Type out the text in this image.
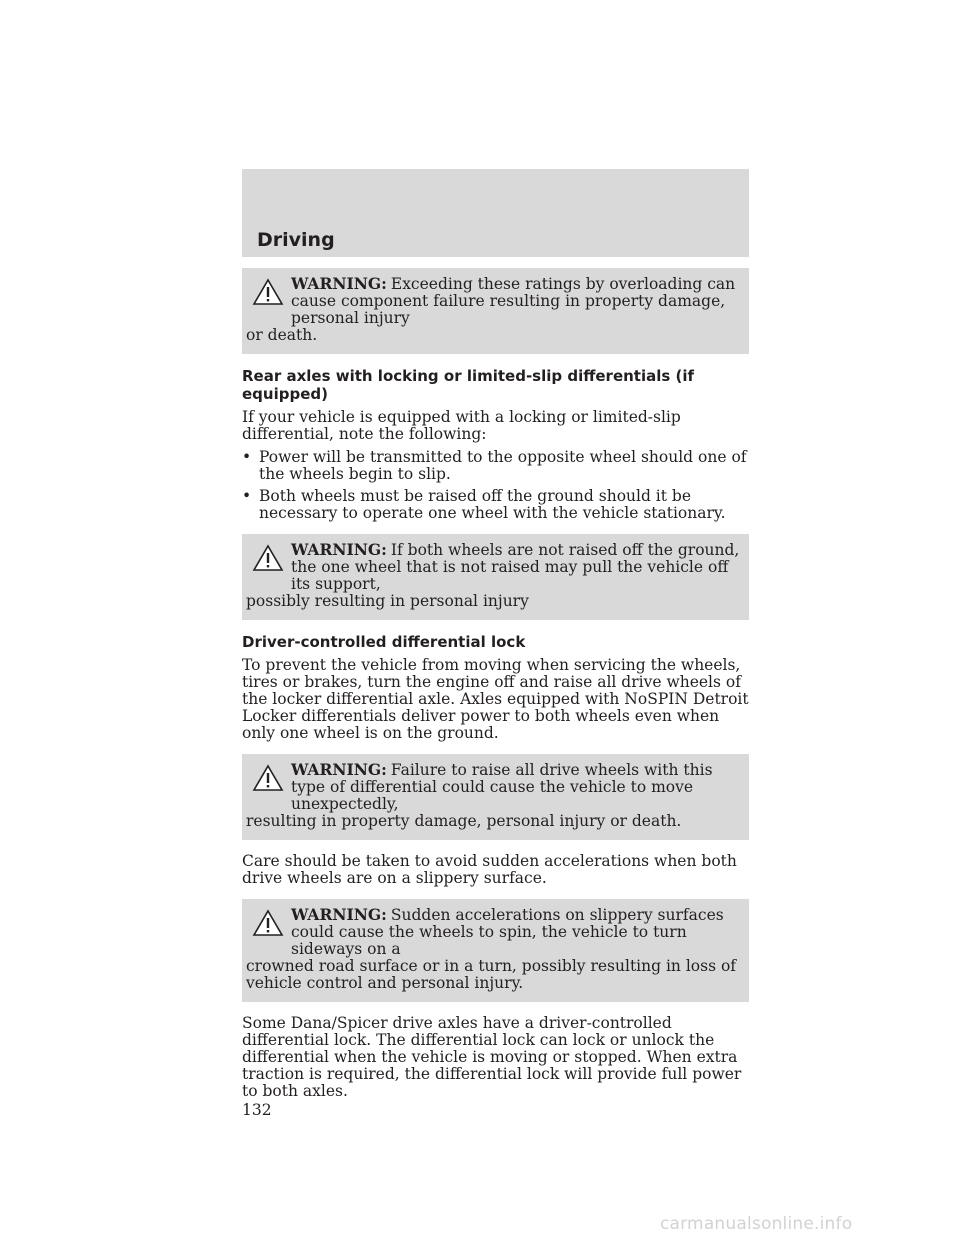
Driving

WARNING: Exceeding these ratings by overloading can cause component failure resulting in property damage, personal injury

or death.

Rear axles with locking or limited-slip differentials (if equipped)

If your vehicle is equipped with a locking or limited-slip differential, note the following:

• Power will be transmitted to the opposite wheel should one of the wheels begin to slip.
• Both wheels must be raised off the ground should it be necessary to operate one wheel with the vehicle stationary.

WARNING: If both wheels are not raised off the ground, the one wheel that is not raised may pull the vehicle off its support,

possibly resulting in personal injury

Driver-controlled differential lock

To prevent the vehicle from moving when servicing the wheels, tires or brakes, turn the engine off and raise all drive wheels of the locker differential axle. Axles equipped with NoSPIN Detroit Locker differentials deliver power to both wheels even when only one wheel is on the ground.

WARNING: Failure to raise all drive wheels with this type of differential could cause the vehicle to move unexpectedly,

resulting in property damage, personal injury or death.

Care should be taken to avoid sudden accelerations when both drive wheels are on a slippery surface.

WARNING: Sudden accelerations on slippery surfaces could cause the wheels to spin, the vehicle to turn sideways on a

crowned road surface or in a turn, possibly resulting in loss of vehicle control and personal injury.

Some Dana/Spicer drive axles have a driver-controlled differential lock. The differential lock can lock or unlock the differential when the vehicle is moving or stopped. When extra traction is required, the differential lock will provide full power to both axles.

132
carmanualsonline.info
